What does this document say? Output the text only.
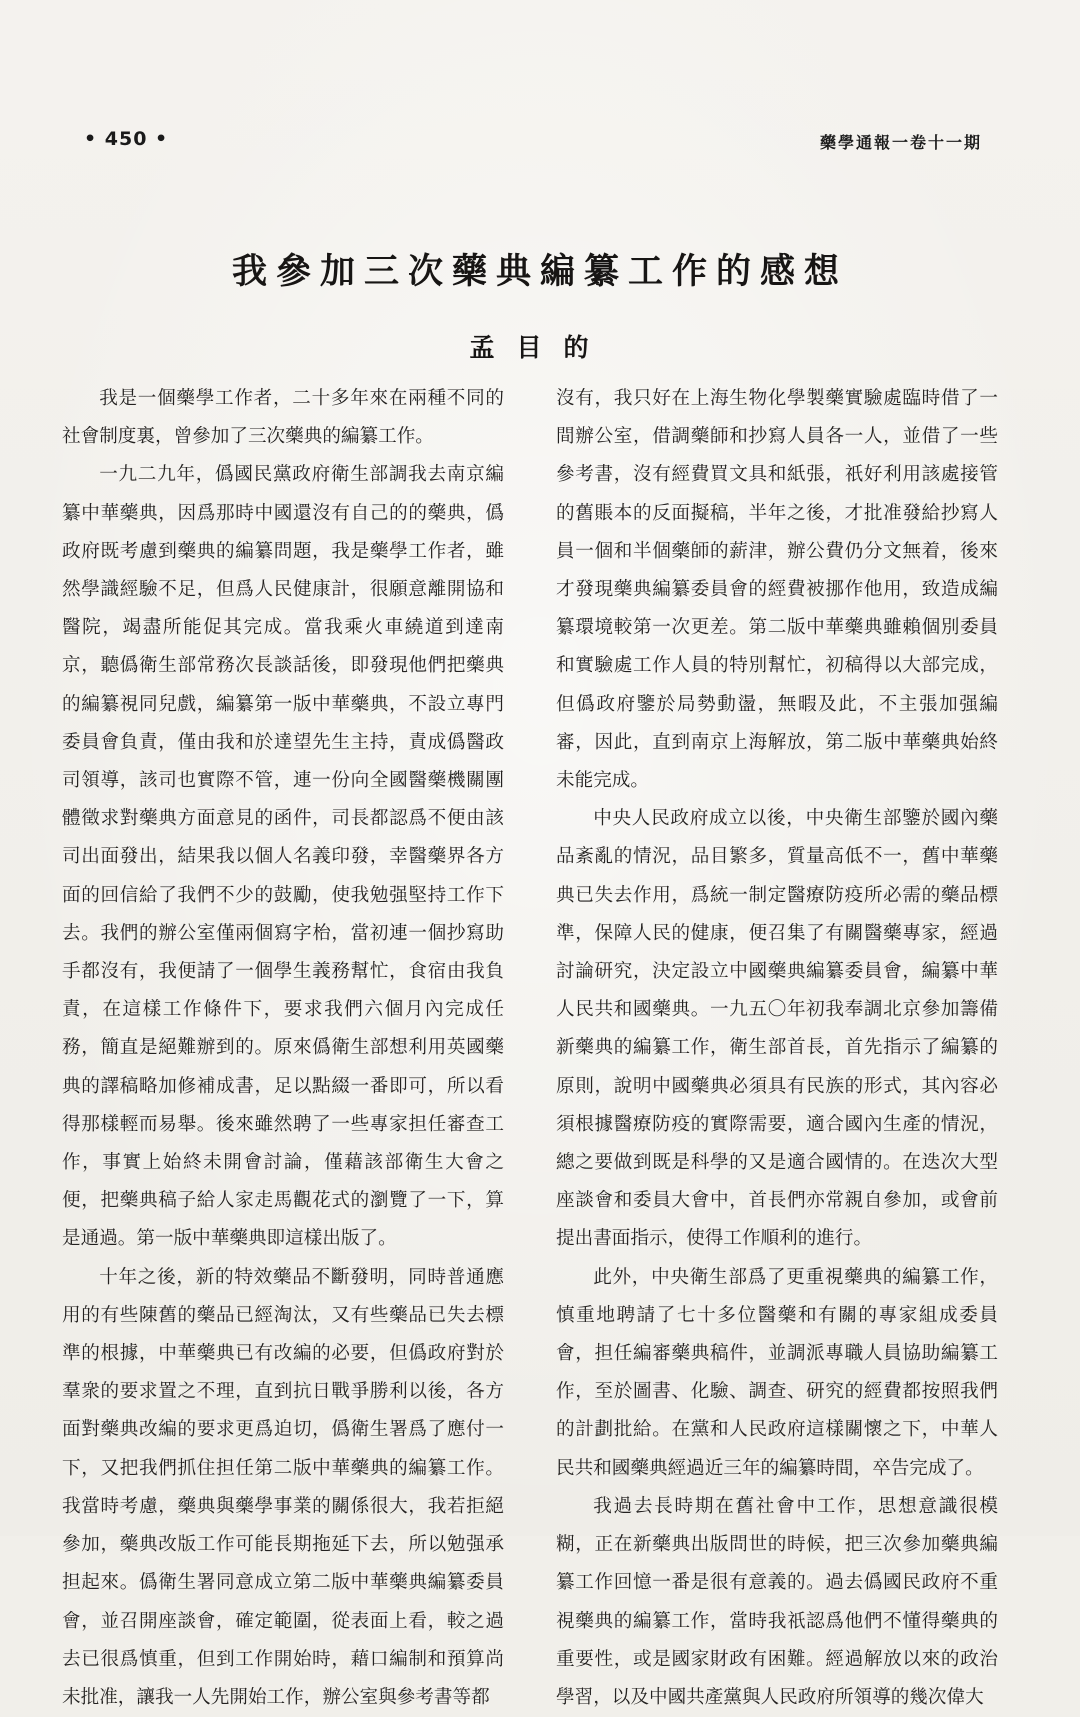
• 450 •	藥學通報一卷十一期
我參加三次藥典編纂工作的感想
孟目的

我是一個藥學工作者，二十多年來在兩種不同的社會制度裏，曾參加了三次藥典的編纂工作。

一九二九年，僞國民黨政府衛生部調我去南京編纂中華藥典，因爲那時中國還沒有自己的的藥典，僞政府既考慮到藥典的編纂問題，我是藥學工作者，雖然學識經驗不足，但爲人民健康計，很願意離開協和醫院，竭盡所能促其完成。當我乘火車繞道到達南京，聽僞衛生部常務次長談話後，即發現他們把藥典的編纂視同兒戲，編纂第一版中華藥典，不設立專門委員會負責，僅由我和於達望先生主持，責成僞醫政司領導，該司也實際不管，連一份向全國醫藥機關團體徵求對藥典方面意見的函件，司長都認爲不便由該司出面發出，結果我以個人名義印發，幸醫藥界各方面的回信給了我們不少的鼓勵，使我勉强堅持工作下去。我們的辦公室僅兩個寫字枱，當初連一個抄寫助手都沒有，我便請了一個學生義務幫忙，食宿由我負責，在這樣工作條件下，要求我們六個月內完成任務，簡直是絕難辦到的。原來僞衛生部想利用英國藥典的譯稿略加修補成書，足以點綴一番即可，所以看得那樣輕而易舉。後來雖然聘了一些專家担任審查工作，事實上始終未開會討論，僅藉該部衛生大會之便，把藥典稿子給人家走馬觀花式的瀏覽了一下，算是通過。第一版中華藥典即這樣出版了。

十年之後，新的特效藥品不斷發明，同時普通應用的有些陳舊的藥品已經淘汰，又有些藥品已失去標準的根據，中華藥典已有改編的必要，但僞政府對於羣衆的要求置之不理，直到抗日戰爭勝利以後，各方面對藥典改編的要求更爲迫切，僞衛生署爲了應付一下，又把我們抓住担任第二版中華藥典的編纂工作。我當時考慮，藥典與藥學事業的關係很大，我若拒絕參加，藥典改版工作可能長期拖延下去，所以勉强承担起來。僞衛生署同意成立第二版中華藥典編纂委員會，並召開座談會，確定範圍，從表面上看，較之過去已很爲慎重，但到工作開始時，藉口編制和預算尚未批准，讓我一人先開始工作，辦公室與參考書等都

沒有，我只好在上海生物化學製藥實驗處臨時借了一間辦公室，借調藥師和抄寫人員各一人，並借了一些參考書，沒有經費買文具和紙張，祇好利用該處接管的舊賬本的反面擬稿，半年之後，才批准發給抄寫人員一個和半個藥師的薪津，辦公費仍分文無着，後來才發現藥典編纂委員會的經費被挪作他用，致造成編纂環境較第一次更差。第二版中華藥典雖賴個別委員和實驗處工作人員的特別幫忙，初稿得以大部完成，但僞政府鑒於局勢動盪，無暇及此，不主張加强編審，因此，直到南京上海解放，第二版中華藥典始終未能完成。

中央人民政府成立以後，中央衛生部鑒於國內藥品紊亂的情況，品目繁多，質量高低不一，舊中華藥典已失去作用，爲統一制定醫療防疫所必需的藥品標準，保障人民的健康，便召集了有關醫藥專家，經過討論研究，決定設立中國藥典編纂委員會，編纂中華人民共和國藥典。一九五〇年初我奉調北京參加籌備新藥典的編纂工作，衛生部首長，首先指示了編纂的原則，說明中國藥典必須具有民族的形式，其內容必須根據醫療防疫的實際需要，適合國內生產的情況，總之要做到既是科學的又是適合國情的。在迭次大型座談會和委員大會中，首長們亦常親自參加，或會前提出書面指示，使得工作順利的進行。

此外，中央衛生部爲了更重視藥典的編纂工作，慎重地聘請了七十多位醫藥和有關的專家組成委員會，担任編審藥典稿件，並調派專職人員協助編纂工作，至於圖書、化驗、調查、研究的經費都按照我們的計劃批給。在黨和人民政府這樣關懷之下，中華人民共和國藥典經過近三年的編纂時間，卒告完成了。

我過去長時期在舊社會中工作，思想意識很模糊，正在新藥典出版問世的時候，把三次參加藥典編纂工作回憶一番是很有意義的。過去僞國民政府不重視藥典的編纂工作，當時我祇認爲他們不懂得藥典的重要性，或是國家財政有困難。經過解放以來的政治學習，以及中國共產黨與人民政府所領導的幾次偉大
